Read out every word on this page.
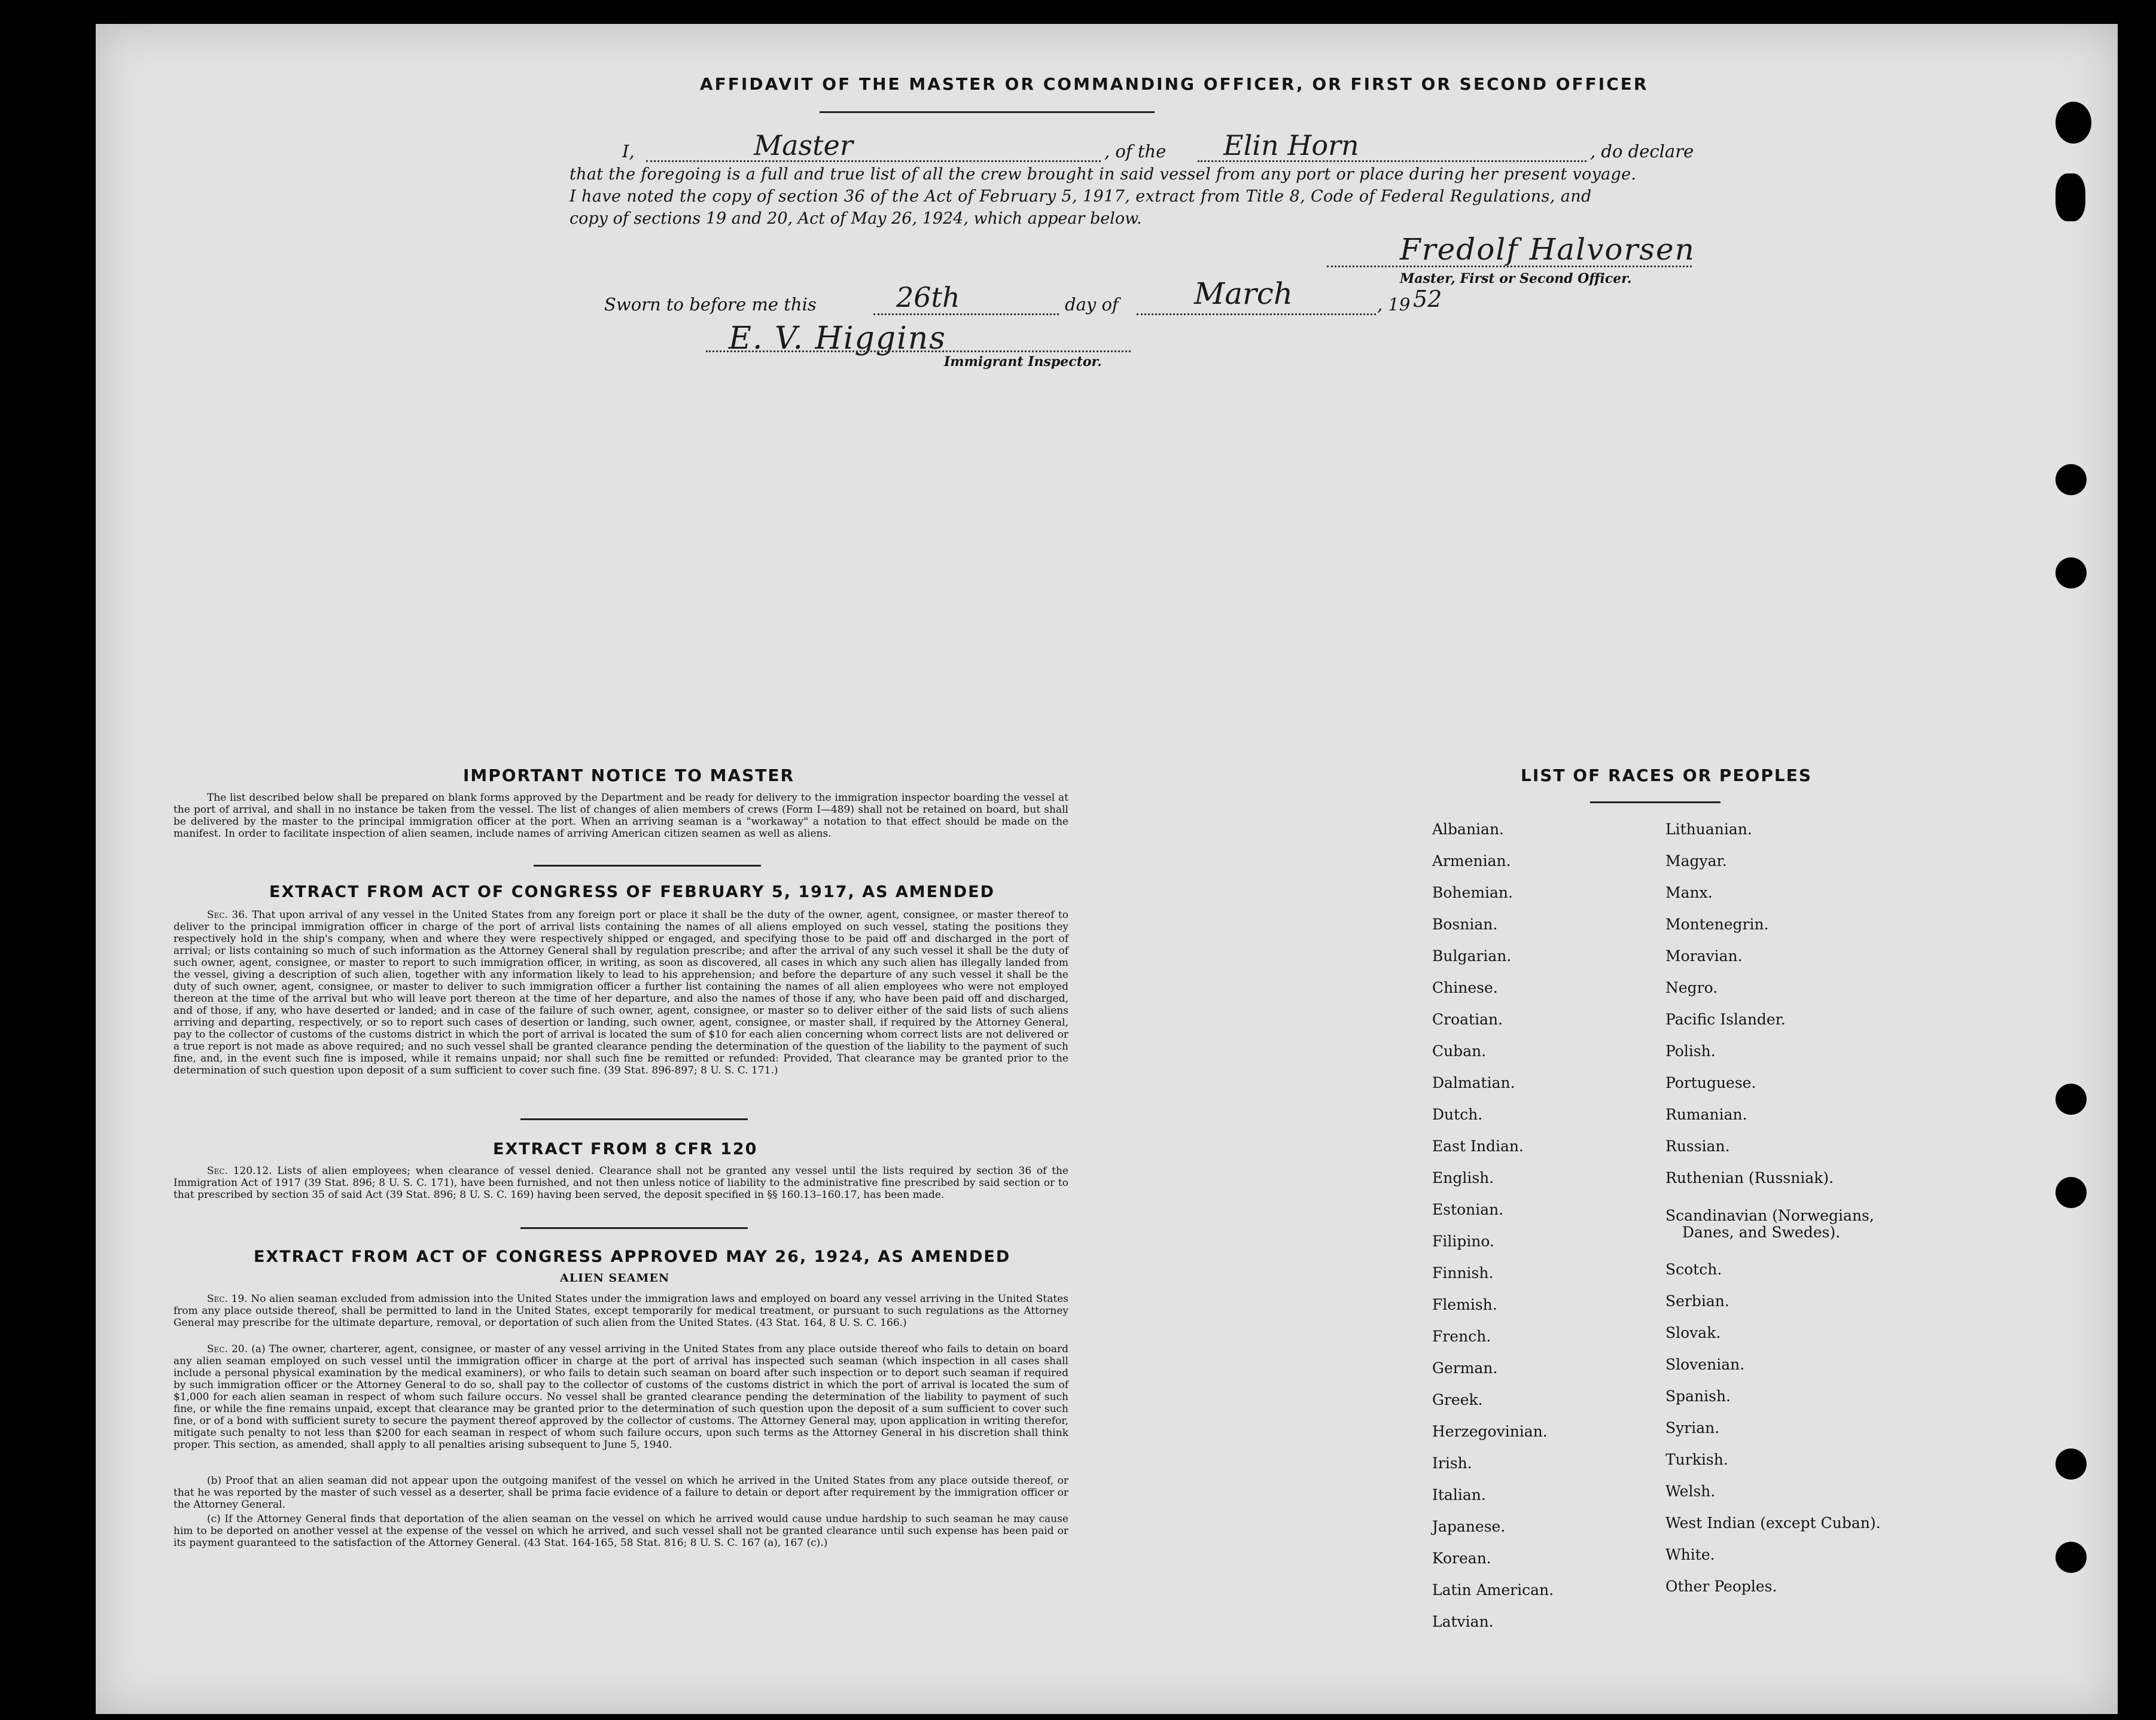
AFFIDAVIT OF THE MASTER OR COMMANDING OFFICER, OR FIRST OR SECOND OFFICER
I,	Master	, of the Elin Horn	, do declare
that the foregoing is a full and true list of all the crew brought in said vessel from any port or place during her present voyage.
I have noted the copy of section 36 of the Act of February 5, 1917, extract from Title 8, Code of Federal Regulations, and
copy of sections 19 and 20, Act of May 26, 1924, which appear below.
Fredolf Halvorsen
Master, First or Second Officer.
Sworn to before me this	26th	day of	March	, 19 52
E. V. Higgins
Immigrant Inspector.
IMPORTANT NOTICE TO MASTER
The list described below shall be prepared on blank forms approved by the Department and be ready for delivery to the immigration inspector boarding the vessel at the port of arrival, and shall in no instance be taken from the vessel. The list of changes of alien members of crews (Form I—489) shall not be retained on board, but shall be delivered by the master to the principal immigration officer at the port. When an arriving seaman is a "workaway" a notation to that effect should be made on the manifest. In order to facilitate inspection of alien seamen, include names of arriving American citizen seamen as well as aliens.
EXTRACT FROM ACT OF CONGRESS OF FEBRUARY 5, 1917, AS AMENDED
Sec. 36. That upon arrival of any vessel in the United States from any foreign port or place it shall be the duty of the owner, agent, consignee, or master thereof to deliver to the principal immigration officer in charge of the port of arrival lists containing the names of all aliens employed on such vessel, stating the positions they respectively hold in the ship's company, when and where they were respectively shipped or engaged, and specifying those to be paid off and discharged in the port of arrival; or lists containing so much of such information as the Attorney General shall by regulation prescribe; and after the arrival of any such vessel it shall be the duty of such owner, agent, consignee, or master to report to such immigration officer, in writing, as soon as discovered, all cases in which any such alien has illegally landed from the vessel, giving a description of such alien, together with any information likely to lead to his apprehension; and before the departure of any such vessel it shall be the duty of such owner, agent, consignee, or master to deliver to such immigration officer a further list containing the names of all alien employees who were not employed thereon at the time of the arrival but who will leave port thereon at the time of her departure, and also the names of those if any, who have been paid off and discharged, and of those, if any, who have deserted or landed; and in case of the failure of such owner, agent, consignee, or master so to deliver either of the said lists of such aliens arriving and departing, respectively, or so to report such cases of desertion or landing, such owner, agent, consignee, or master shall, if required by the Attorney General, pay to the collector of customs of the customs district in which the port of arrival is located the sum of $10 for each alien concerning whom correct lists are not delivered or a true report is not made as above required; and no such vessel shall be granted clearance pending the determination of the question of the liability to the payment of such fine, and, in the event such fine is imposed, while it remains unpaid; nor shall such fine be remitted or refunded: Provided, That clearance may be granted prior to the determination of such question upon deposit of a sum sufficient to cover such fine. (39 Stat. 896-897; 8 U. S. C. 171.)
EXTRACT FROM 8 CFR 120
Sec. 120.12. Lists of alien employees; when clearance of vessel denied. Clearance shall not be granted any vessel until the lists required by section 36 of the Immigration Act of 1917 (39 Stat. 896; 8 U. S. C. 171), have been furnished, and not then unless notice of liability to the administrative fine prescribed by said section or to that prescribed by section 35 of said Act (39 Stat. 896; 8 U. S. C. 169) having been served, the deposit specified in §§ 160.13–160.17, has been made.
EXTRACT FROM ACT OF CONGRESS APPROVED MAY 26, 1924, AS AMENDED
ALIEN SEAMEN
Sec. 19. No alien seaman excluded from admission into the United States under the immigration laws and employed on board any vessel arriving in the United States from any place outside thereof, shall be permitted to land in the United States, except temporarily for medical treatment, or pursuant to such regulations as the Attorney General may prescribe for the ultimate departure, removal, or deportation of such alien from the United States. (43 Stat. 164, 8 U. S. C. 166.)
Sec. 20. (a) The owner, charterer, agent, consignee, or master of any vessel arriving in the United States from any place outside thereof who fails to detain on board any alien seaman employed on such vessel until the immigration officer in charge at the port of arrival has inspected such seaman (which inspection in all cases shall include a personal physical examination by the medical examiners), or who fails to detain such seaman on board after such inspection or to deport such seaman if required by such immigration officer or the Attorney General to do so, shall pay to the collector of customs of the customs district in which the port of arrival is located the sum of $1,000 for each alien seaman in respect of whom such failure occurs. No vessel shall be granted clearance pending the determination of the liability to payment of such fine, or while the fine remains unpaid, except that clearance may be granted prior to the determination of such question upon the deposit of a sum sufficient to cover such fine, or of a bond with sufficient surety to secure the payment thereof approved by the collector of customs. The Attorney General may, upon application in writing therefor, mitigate such penalty to not less than $200 for each seaman in respect of whom such failure occurs, upon such terms as the Attorney General in his discretion shall think proper. This section, as amended, shall apply to all penalties arising subsequent to June 5, 1940.
(b) Proof that an alien seaman did not appear upon the outgoing manifest of the vessel on which he arrived in the United States from any place outside thereof, or that he was reported by the master of such vessel as a deserter, shall be prima facie evidence of a failure to detain or deport after requirement by the immigration officer or the Attorney General.
(c) If the Attorney General finds that deportation of the alien seaman on the vessel on which he arrived would cause undue hardship to such seaman he may cause him to be deported on another vessel at the expense of the vessel on which he arrived, and such vessel shall not be granted clearance until such expense has been paid or its payment guaranteed to the satisfaction of the Attorney General. (43 Stat. 164-165, 58 Stat. 816; 8 U. S. C. 167 (a), 167 (c).)
LIST OF RACES OR PEOPLES
Albanian.
Armenian.
Bohemian.
Bosnian.
Bulgarian.
Chinese.
Croatian.
Cuban.
Dalmatian.
Dutch.
East Indian.
English.
Estonian.
Filipino.
Finnish.
Flemish.
French.
German.
Greek.
Herzegovinian.
Irish.
Italian.
Japanese.
Korean.
Latin American.
Latvian.
Lithuanian.
Magyar.
Manx.
Montenegrin.
Moravian.
Negro.
Pacific Islander.
Polish.
Portuguese.
Rumanian.
Russian.
Ruthenian (Russniak).
Scandinavian (Norwegians,
Danes, and Swedes).
Scotch.
Serbian.
Slovak.
Slovenian.
Spanish.
Syrian.
Turkish.
Welsh.
West Indian (except Cuban).
White.
Other Peoples.
